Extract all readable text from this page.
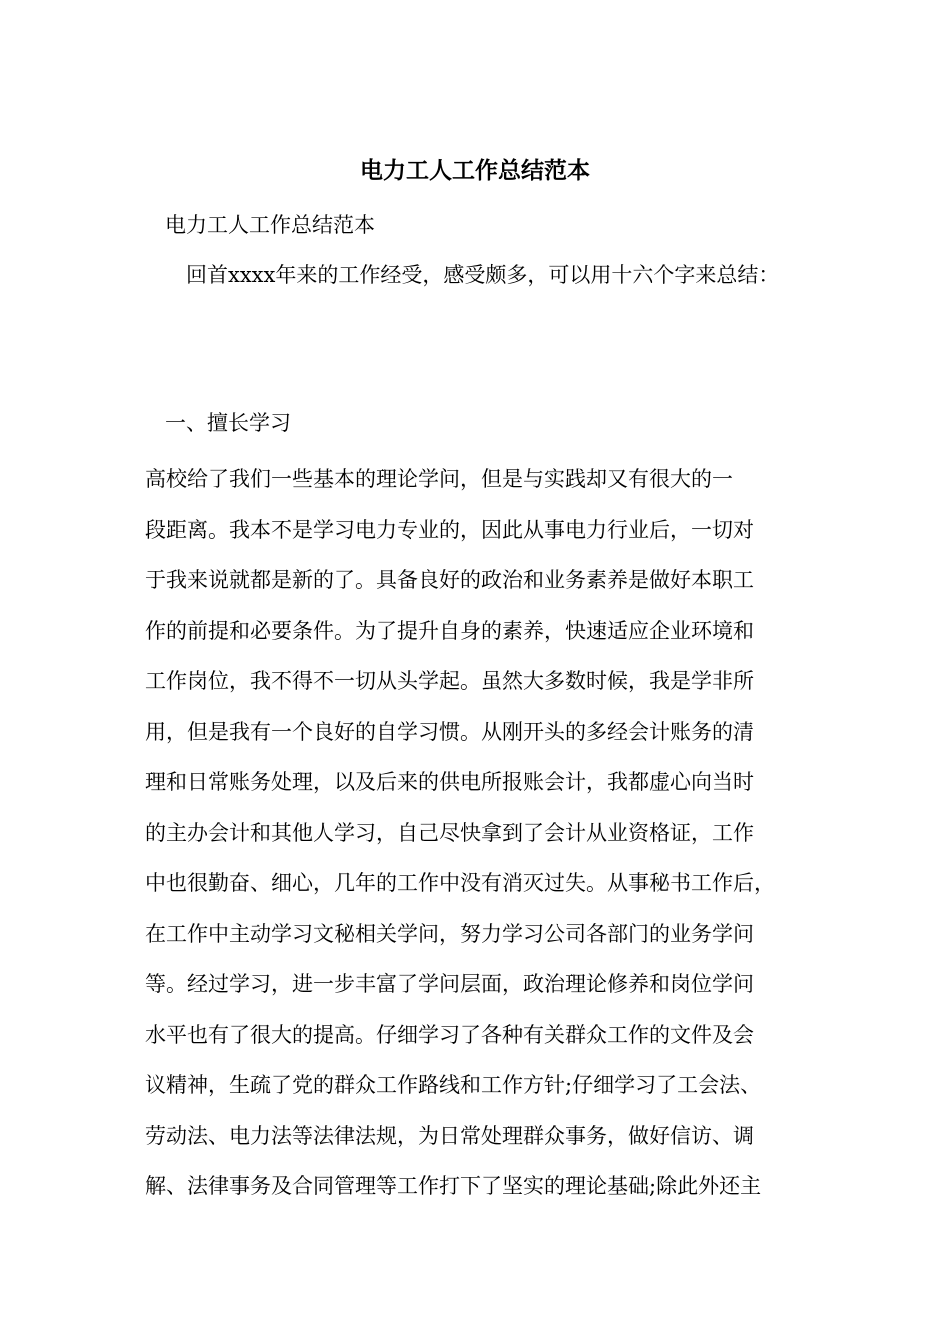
电力工人工作总结范本
电力工人工作总结范本
回首xxxx年来的工作经受，感受颇多，可以用十六个字来总结：
一、擅长学习
高校给了我们一些基本的理论学问，但是与实践却又有很大的一
段距离。我本不是学习电力专业的，因此从事电力行业后，一切对
于我来说就都是新的了。具备良好的政治和业务素养是做好本职工
作的前提和必要条件。为了提升自身的素养，快速适应企业环境和
工作岗位，我不得不一切从头学起。虽然大多数时候，我是学非所
用，但是我有一个良好的自学习惯。从刚开头的多经会计账务的清
理和日常账务处理，以及后来的供电所报账会计，我都虚心向当时
的主办会计和其他人学习，自己尽快拿到了会计从业资格证，工作
中也很勤奋、细心，几年的工作中没有消灭过失。从事秘书工作后，
在工作中主动学习文秘相关学问，努力学习公司各部门的业务学问
等。经过学习，进一步丰富了学问层面，政治理论修养和岗位学问
水平也有了很大的提高。仔细学习了各种有关群众工作的文件及会
议精神，生疏了党的群众工作路线和工作方针;仔细学习了工会法、
劳动法、电力法等法律法规，为日常处理群众事务，做好信访、调
解、法律事务及合同管理等工作打下了坚实的理论基础;除此外还主
